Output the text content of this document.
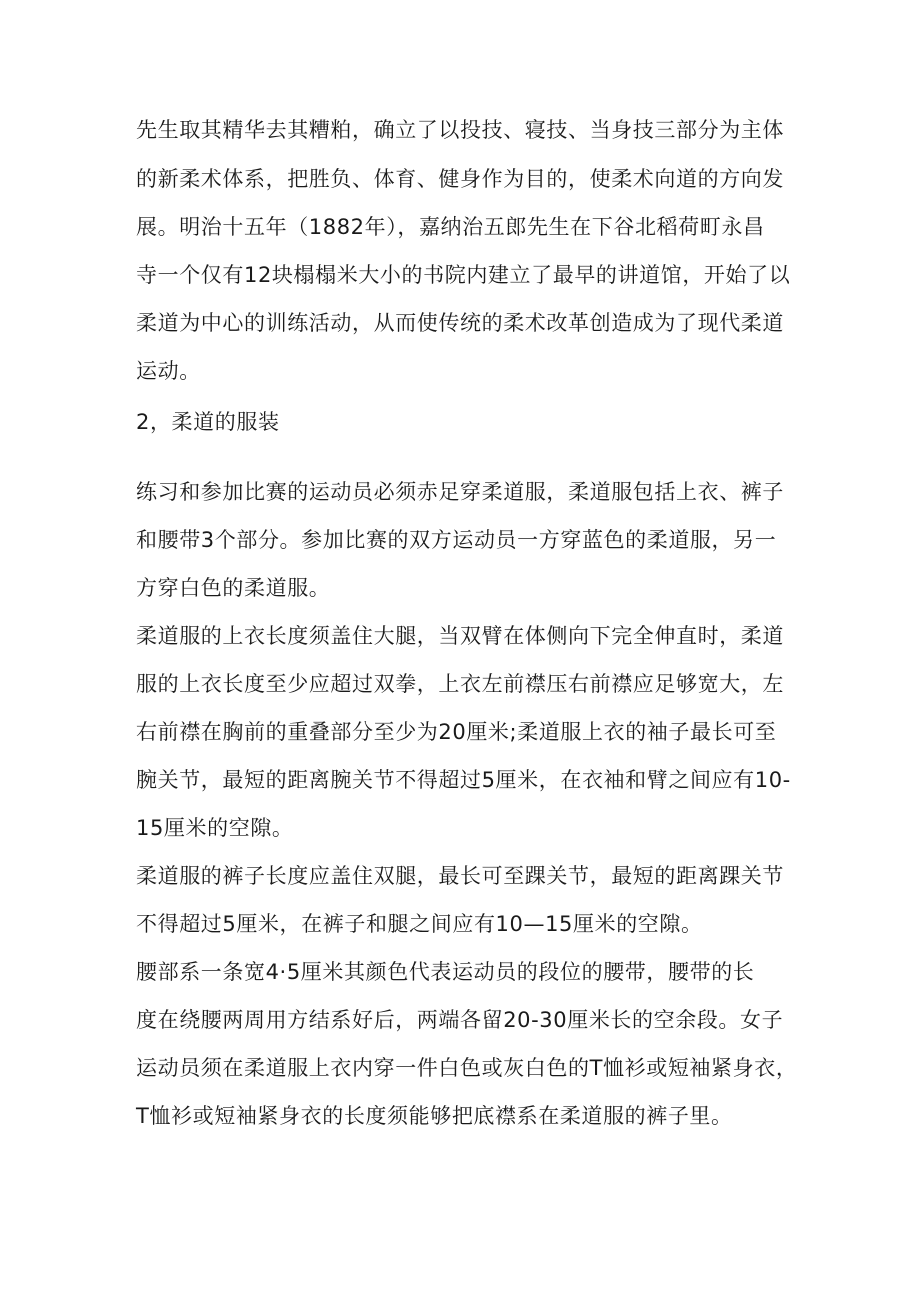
先生取其精华去其糟粕，确立了以投技、寝技、当身技三部分为主体
的新柔术体系，把胜负、体育、健身作为目的，使柔术向道的方向发
展。明治十五年（1882年），嘉纳治五郎先生在下谷北稻荷町永昌
寺一个仅有12块榻榻米大小的书院内建立了最早的讲道馆，开始了以
柔道为中心的训练活动，从而使传统的柔术改革创造成为了现代柔道
运动。
2，柔道的服装
练习和参加比赛的运动员必须赤足穿柔道服，柔道服包括上衣、裤子
和腰带3个部分。参加比赛的双方运动员一方穿蓝色的柔道服，另一
方穿白色的柔道服。
柔道服的上衣长度须盖住大腿，当双臂在体侧向下完全伸直时，柔道
服的上衣长度至少应超过双拳，上衣左前襟压右前襟应足够宽大，左
右前襟在胸前的重叠部分至少为20厘米;柔道服上衣的袖子最长可至
腕关节，最短的距离腕关节不得超过5厘米，在衣袖和臂之间应有10-
15厘米的空隙。
柔道服的裤子长度应盖住双腿，最长可至踝关节，最短的距离踝关节
不得超过5厘米，在裤子和腿之间应有10—15厘米的空隙。
腰部系一条宽4·5厘米其颜色代表运动员的段位的腰带，腰带的长
度在绕腰两周用方结系好后，两端各留20-30厘米长的空余段。女子
运动员须在柔道服上衣内穿一件白色或灰白色的T恤衫或短袖紧身衣，
T恤衫或短袖紧身衣的长度须能够把底襟系在柔道服的裤子里。
